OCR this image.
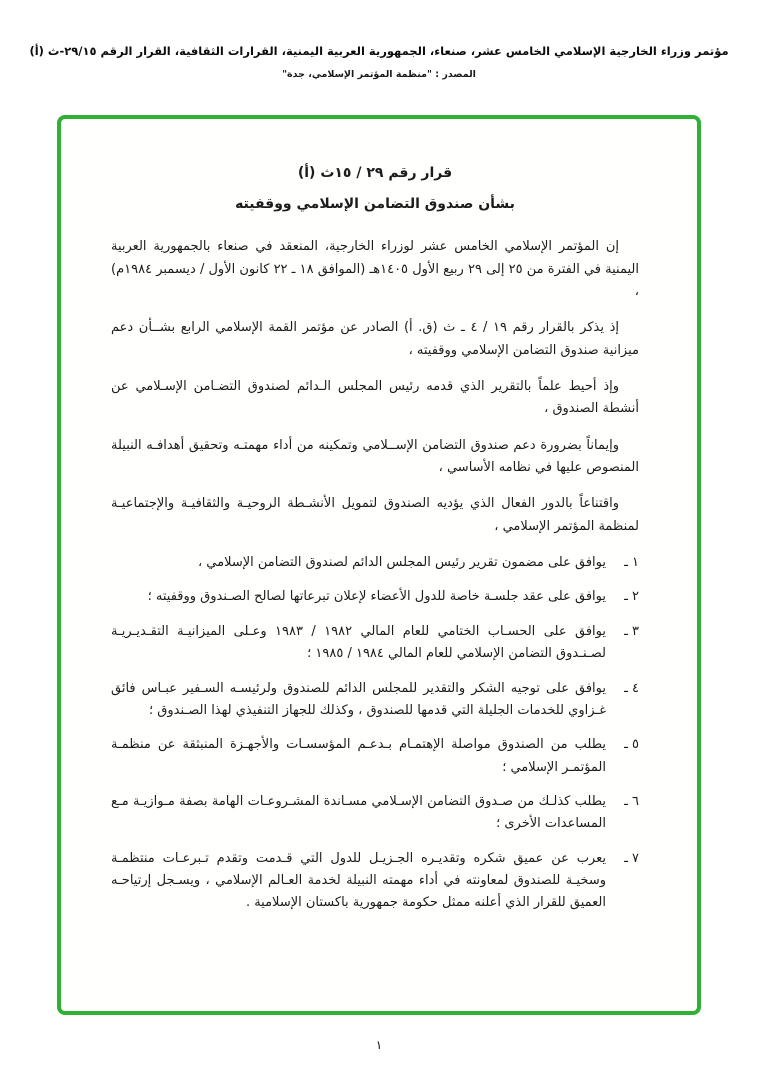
مؤتمر وزراء الخارجية الإسلامي الخامس عشر، صنعاء، الجمهورية العربية اليمنية، القرارات الثقافية، القرار الرقم ٢٩/١٥-ث (أ)
المصدر : "منظمة المؤتمر الإسلامي، جدة"
قرار رقم ٢٩ / ١٥ث (أ)
بشأن صندوق التضامن الإسلامي ووقفيته

إن المؤتمر الإسلامي الخامس عشر لوزراء الخارجية، المنعقد في صنعاء بالجمهورية العربية اليمنية في الفترة من ٢٥ إلى ٢٩ ربيع الأول ١٤٠٥هـ (الموافق ١٨ ـ ٢٢ كانون الأول / ديسمبر ١٩٨٤م) ،

إذ يذكر بالقرار رقم ١٩ / ٤ ـ ث (ق. أ) الصادر عن مؤتمر القمة الإسلامي الرابع بشــأن دعم ميزانية صندوق التضامن الإسلامي ووقفيته ،

وإذ أحيط علماً بالتقرير الذي قدمه رئيس المجلس الـدائم لصندوق التضـامن الإسـلامي عن أنشطة الصندوق ،

وإيماناً بضرورة دعم صندوق التضامن الإســلامي وتمكينه من أداء مهمتـه وتحقيق أهدافـه النبيلة المنصوص عليها في نظامه الأساسي ،

واقتناعاً بالدور الفعال الذي يؤديه الصندوق لتمويل الأنشـطة الروحيـة والثقافيـة والإجتماعيـة لمنظمة المؤتمر الإسلامي ،

١ ـ
يوافق على مضمون تقرير رئيس المجلس الدائم لصندوق التضامن الإسلامي ،
٢ ـ
يوافق على عقد جلسـة خاصة للدول الأعضاء لإعلان تبرعاتها لصالح الصـندوق ووقفيته ؛
٣ ـ
يوافق على الحسـاب الختامي للعام المالي ١٩٨٢ / ١٩٨٣ وعـلى الميزانيـة التقـديـريـة لصـنـدوق التضامن الإسلامي للعام المالي ١٩٨٤ / ١٩٨٥ ؛
٤ ـ
يوافق على توجيه الشكر والتقدير للمجلس الدائم للصندوق ولرئيسـه السـفير عبـاس فائق غـزاوي للخدمات الجليلة التي قدمها للصندوق ، وكذلك للجهاز التنفيذي لهذا الصـندوق ؛
٥ ـ
يطلب من الصندوق مواصلة الإهتمـام بـدعـم المؤسسـات والأجهـزة المنبثقة عن منظمـة المؤتمـر الإسلامي ؛
٦ ـ
يطلب كذلـك من صـدوق التضامن الإسـلامي مسـاندة المشـروعـات الهامة بصفة مـوازيـة مـع المساعدات الأخرى ؛
٧ ـ
يعرب عن عميق شكره وتقديـره الجـزيـل للدول التي قـدمت وتقدم تـبرعـات منتظمـة وسخيـة للصندوق لمعاونته في أداء مهمته النبيلة لخدمة العـالم الإسلامي ، ويسـجل إرتياحـه العميق للقرار الذي أعلنه ممثل حكومة جمهورية باكستان الإسلامية .
١
